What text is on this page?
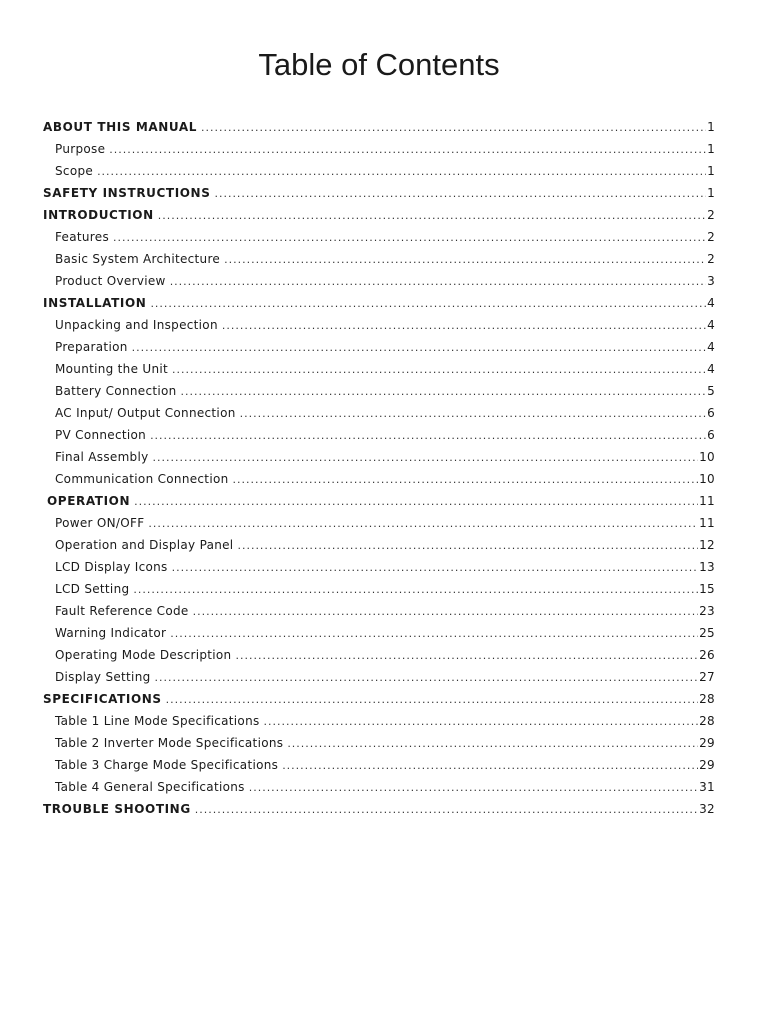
Table of Contents
ABOUT THIS MANUAL .....	1
Purpose .....	1
Scope .....	1
SAFETY INSTRUCTIONS .....	1
INTRODUCTION .....	2
Features .....	2
Basic System Architecture .....	2
Product Overview .....	3
INSTALLATION .....	4
Unpacking and Inspection .....	4
Preparation .....	4
Mounting the Unit .....	4
Battery Connection .....	5
AC Input/ Output Connection .....	6
PV Connection .....	6
Final Assembly .....	10
Communication Connection .....	10
OPERATION .....	11
Power ON/OFF .....	11
Operation and Display Panel .....	12
LCD Display Icons .....	13
LCD Setting .....	15
Fault Reference Code .....	23
Warning Indicator .....	25
Operating Mode Description .....	26
Display Setting .....	27
SPECIFICATIONS .....	28
Table 1 Line Mode Specifications .....	28
Table 2 Inverter Mode Specifications .....	29
Table 3 Charge Mode Specifications .....	29
Table 4 General Specifications .....	31
TROUBLE SHOOTING .....	32
